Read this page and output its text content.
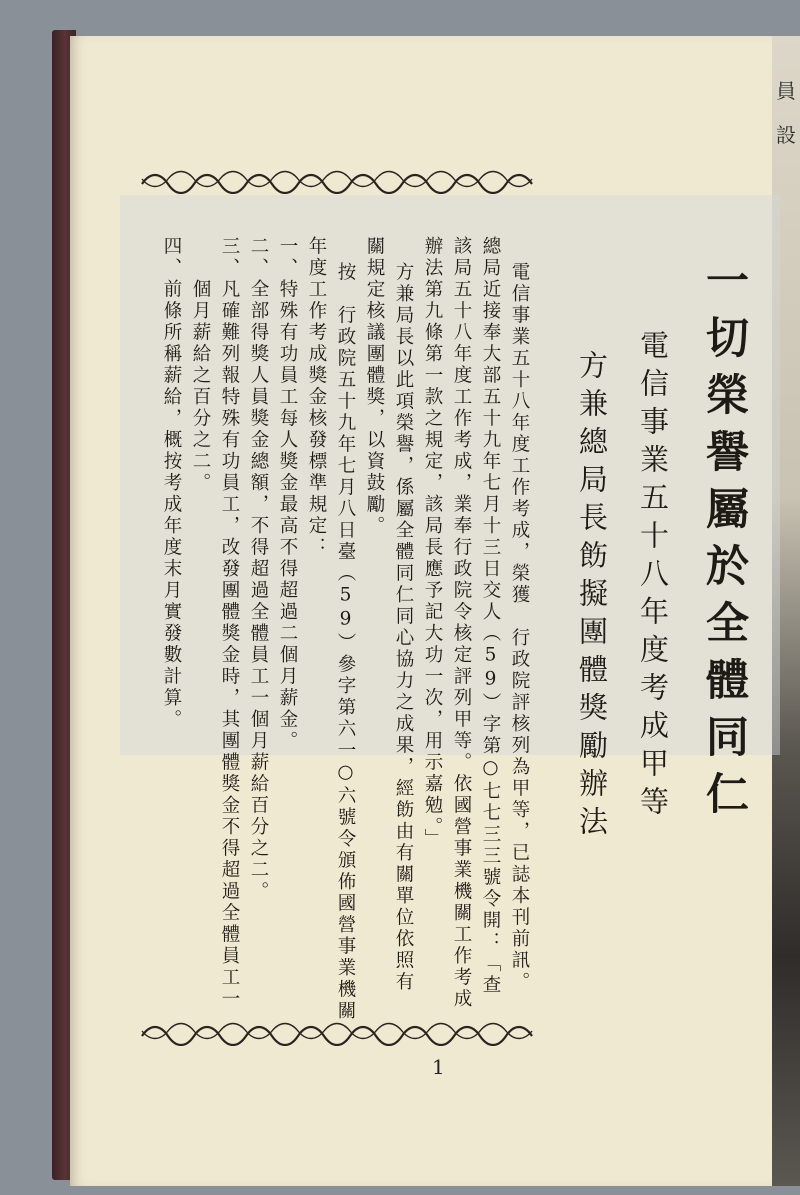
員
設
一切榮譽屬於全體同仁
電信事業五十八年度考成甲等
方兼總局長飭擬團體獎勵辦法
電信事業五十八年度工作考成，榮獲　行政院評核列為甲等，已誌本刊前訊。
總局近接奉大部五十九年七月十三日交人（59）字第○七七三三號令開：「查
該局五十八年度工作考成，業奉行政院令核定評列甲等。依國營事業機關工作考成
辦法第九條第一款之規定，該局長應予記大功一次，用示嘉勉。」
方兼局長以此項榮譽，係屬全體同仁同心協力之成果，經飭由有關單位依照有
關規定核議團體獎，以資鼓勵。
按　行政院五十九年七月八日臺（59）參字第六一○六號令頒佈國營事業機關
年度工作考成獎金核發標準規定：
一、特殊有功員工每人獎金最高不得超過二個月薪金。
二、全部得獎人員獎金總額，不得超過全體員工一個月薪給百分之二。
三、凡確難列報特殊有功員工，改發團體獎金時，其團體獎金不得超過全體員工一
　　個月薪給之百分之二。
四、前條所稱薪給，概按考成年度末月實發數計算。
1
